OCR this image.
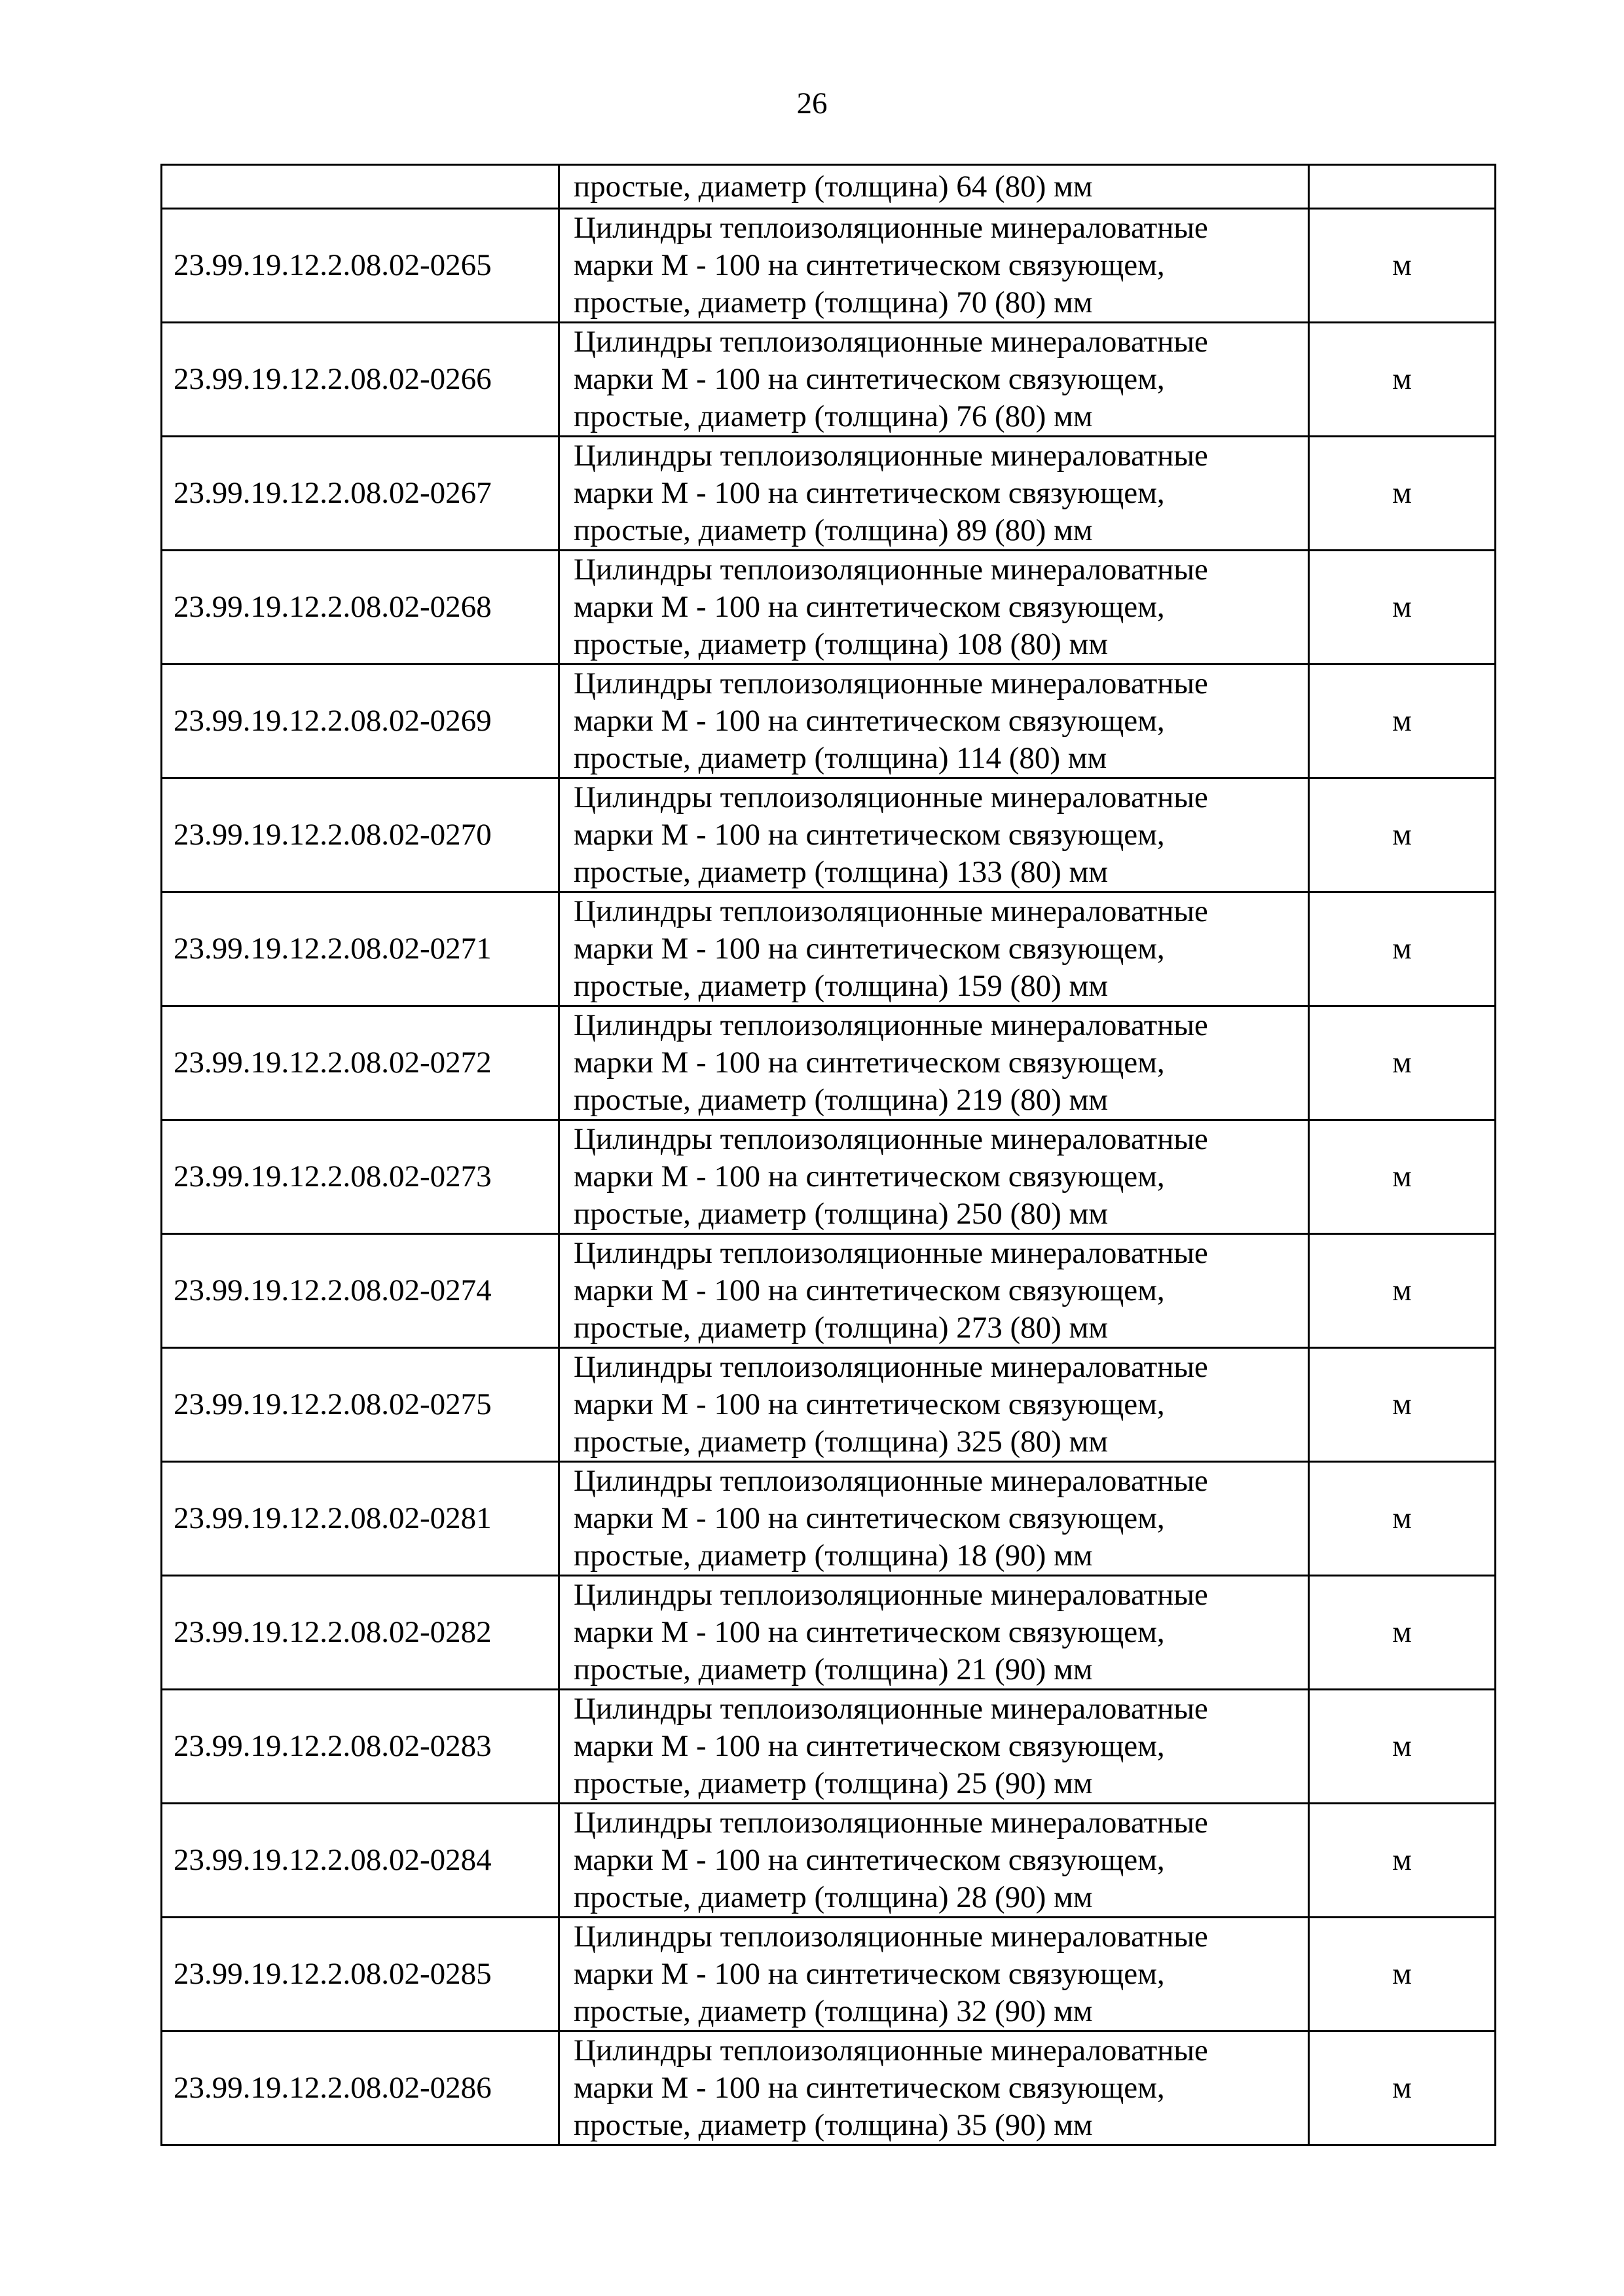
26
	простые, диаметр (толщина) 64 (80) мм	
23.99.19.12.2.08.02-0265	Цилиндры теплоизоляционные минераловатные
марки М - 100 на синтетическом связующем,
простые, диаметр (толщина) 70 (80) мм	м
23.99.19.12.2.08.02-0266	Цилиндры теплоизоляционные минераловатные
марки М - 100 на синтетическом связующем,
простые, диаметр (толщина) 76 (80) мм	м
23.99.19.12.2.08.02-0267	Цилиндры теплоизоляционные минераловатные
марки М - 100 на синтетическом связующем,
простые, диаметр (толщина) 89 (80) мм	м
23.99.19.12.2.08.02-0268	Цилиндры теплоизоляционные минераловатные
марки М - 100 на синтетическом связующем,
простые, диаметр (толщина) 108 (80) мм	м
23.99.19.12.2.08.02-0269	Цилиндры теплоизоляционные минераловатные
марки М - 100 на синтетическом связующем,
простые, диаметр (толщина) 114 (80) мм	м
23.99.19.12.2.08.02-0270	Цилиндры теплоизоляционные минераловатные
марки М - 100 на синтетическом связующем,
простые, диаметр (толщина) 133 (80) мм	м
23.99.19.12.2.08.02-0271	Цилиндры теплоизоляционные минераловатные
марки М - 100 на синтетическом связующем,
простые, диаметр (толщина) 159 (80) мм	м
23.99.19.12.2.08.02-0272	Цилиндры теплоизоляционные минераловатные
марки М - 100 на синтетическом связующем,
простые, диаметр (толщина) 219 (80) мм	м
23.99.19.12.2.08.02-0273	Цилиндры теплоизоляционные минераловатные
марки М - 100 на синтетическом связующем,
простые, диаметр (толщина) 250 (80) мм	м
23.99.19.12.2.08.02-0274	Цилиндры теплоизоляционные минераловатные
марки М - 100 на синтетическом связующем,
простые, диаметр (толщина) 273 (80) мм	м
23.99.19.12.2.08.02-0275	Цилиндры теплоизоляционные минераловатные
марки М - 100 на синтетическом связующем,
простые, диаметр (толщина) 325 (80) мм	м
23.99.19.12.2.08.02-0281	Цилиндры теплоизоляционные минераловатные
марки М - 100 на синтетическом связующем,
простые, диаметр (толщина) 18 (90) мм	м
23.99.19.12.2.08.02-0282	Цилиндры теплоизоляционные минераловатные
марки М - 100 на синтетическом связующем,
простые, диаметр (толщина) 21 (90) мм	м
23.99.19.12.2.08.02-0283	Цилиндры теплоизоляционные минераловатные
марки М - 100 на синтетическом связующем,
простые, диаметр (толщина) 25 (90) мм	м
23.99.19.12.2.08.02-0284	Цилиндры теплоизоляционные минераловатные
марки М - 100 на синтетическом связующем,
простые, диаметр (толщина) 28 (90) мм	м
23.99.19.12.2.08.02-0285	Цилиндры теплоизоляционные минераловатные
марки М - 100 на синтетическом связующем,
простые, диаметр (толщина) 32 (90) мм	м
23.99.19.12.2.08.02-0286	Цилиндры теплоизоляционные минераловатные
марки М - 100 на синтетическом связующем,
простые, диаметр (толщина) 35 (90) мм	м
